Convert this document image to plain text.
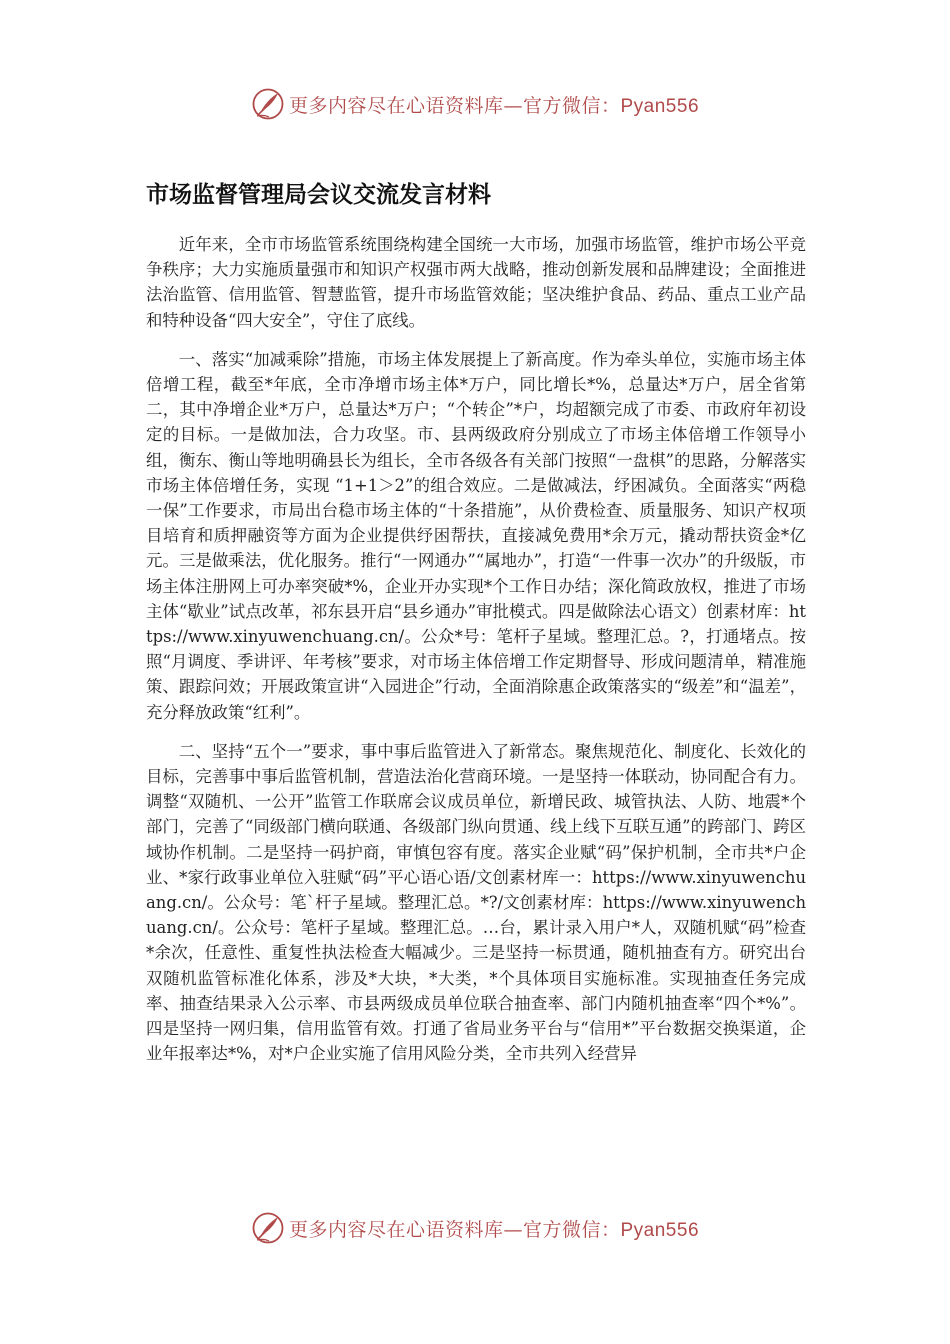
更多内容尽在心语资料库—官方微信：Pyan556
市场监督管理局会议交流发言材料

近年来，全市市场监管系统围绕构建全国统一大市场，加强市场监管，维护市场公平竞争秩序；大力实施质量强市和知识产权强市两大战略，推动创新发展和品牌建设；全面推进法治监管、信用监管、智慧监管，提升市场监管效能；坚决维护食品、药品、重点工业产品和特种设备“四大安全”，守住了底线。

一、落实“加减乘除”措施，市场主体发展提上了新高度。作为牵头单位，实施市场主体倍增工程，截至*年底，全市净增市场主体*万户，同比增长*%，总量达*万户，居全省第二，其中净增企业*万户，总量达*万户；“个转企”*户，均超额完成了市委、市政府年初设定的目标。一是做加法，合力攻坚。市、县两级政府分别成立了市场主体倍增工作领导小组，衡东、衡山等地明确县长为组长，全市各级各有关部门按照“一盘棋”的思路，分解落实市场主体倍增任务，实现 “1+1＞2”的组合效应。二是做减法，纾困减负。全面落实“两稳一保”工作要求，市局出台稳市场主体的“十条措施”，从价费检查、质量服务、知识产权项目培育和质押融资等方面为企业提供纾困帮扶，直接减免费用*余万元，撬动帮扶资金*亿元。三是做乘法，优化服务。推行“一网通办”“属地办”，打造“一件事一次办”的升级版，市场主体注册网上可办率突破*%，企业开办实现*个工作日办结；深化简政放权，推进了市场主体“歇业”试点改革，祁东县开启“县乡通办”审批模式。四是做除法心语文）创素材库：https://www.xinyuwenchuang.cn/。公众*号：笔杆子星域。整理汇总。?，打通堵点。按照“月调度、季讲评、年考核”要求，对市场主体倍增工作定期督导、形成问题清单，精准施策、跟踪问效；开展政策宣讲“入园进企”行动，全面消除惠企政策落实的“级差”和“温差”，充分释放政策“红利”。

二、坚持“五个一”要求，事中事后监管进入了新常态。聚焦规范化、制度化、长效化的目标，完善事中事后监管机制，营造法治化营商环境。一是坚持一体联动，协同配合有力。调整“双随机、一公开”监管工作联席会议成员单位，新增民政、城管执法、人防、地震*个部门，完善了“同级部门横向联通、各级部门纵向贯通、线上线下互联互通”的跨部门、跨区域协作机制。二是坚持一码护商，审慎包容有度。落实企业赋“码”保护机制，全市共*户企业、*家行政事业单位入驻赋“码”平心语心语/文创素材库一：https://www.xinyuwenchuang.cn/。公众号：笔`杆子星域。整理汇总。*?/文创素材库：https://www.xinyuwenchuang.cn/。公众号：笔杆子星域。整理汇总。…台，累计录入用户*人，双随机赋“码”检查*余次，任意性、重复性执法检查大幅减少。三是坚持一标贯通，随机抽查有方。研究出台双随机监管标准化体系，涉及*大块，*大类，*个具体项目实施标准。实现抽查任务完成率、抽查结果录入公示率、市县两级成员单位联合抽查率、部门内随机抽查率“四个*%”。四是坚持一网归集，信用监管有效。打通了省局业务平台与“信用*”平台数据交换渠道，企业年报率达*%，对*户企业实施了信用风险分类，全市共列入经营异

更多内容尽在心语资料库—官方微信：Pyan556
